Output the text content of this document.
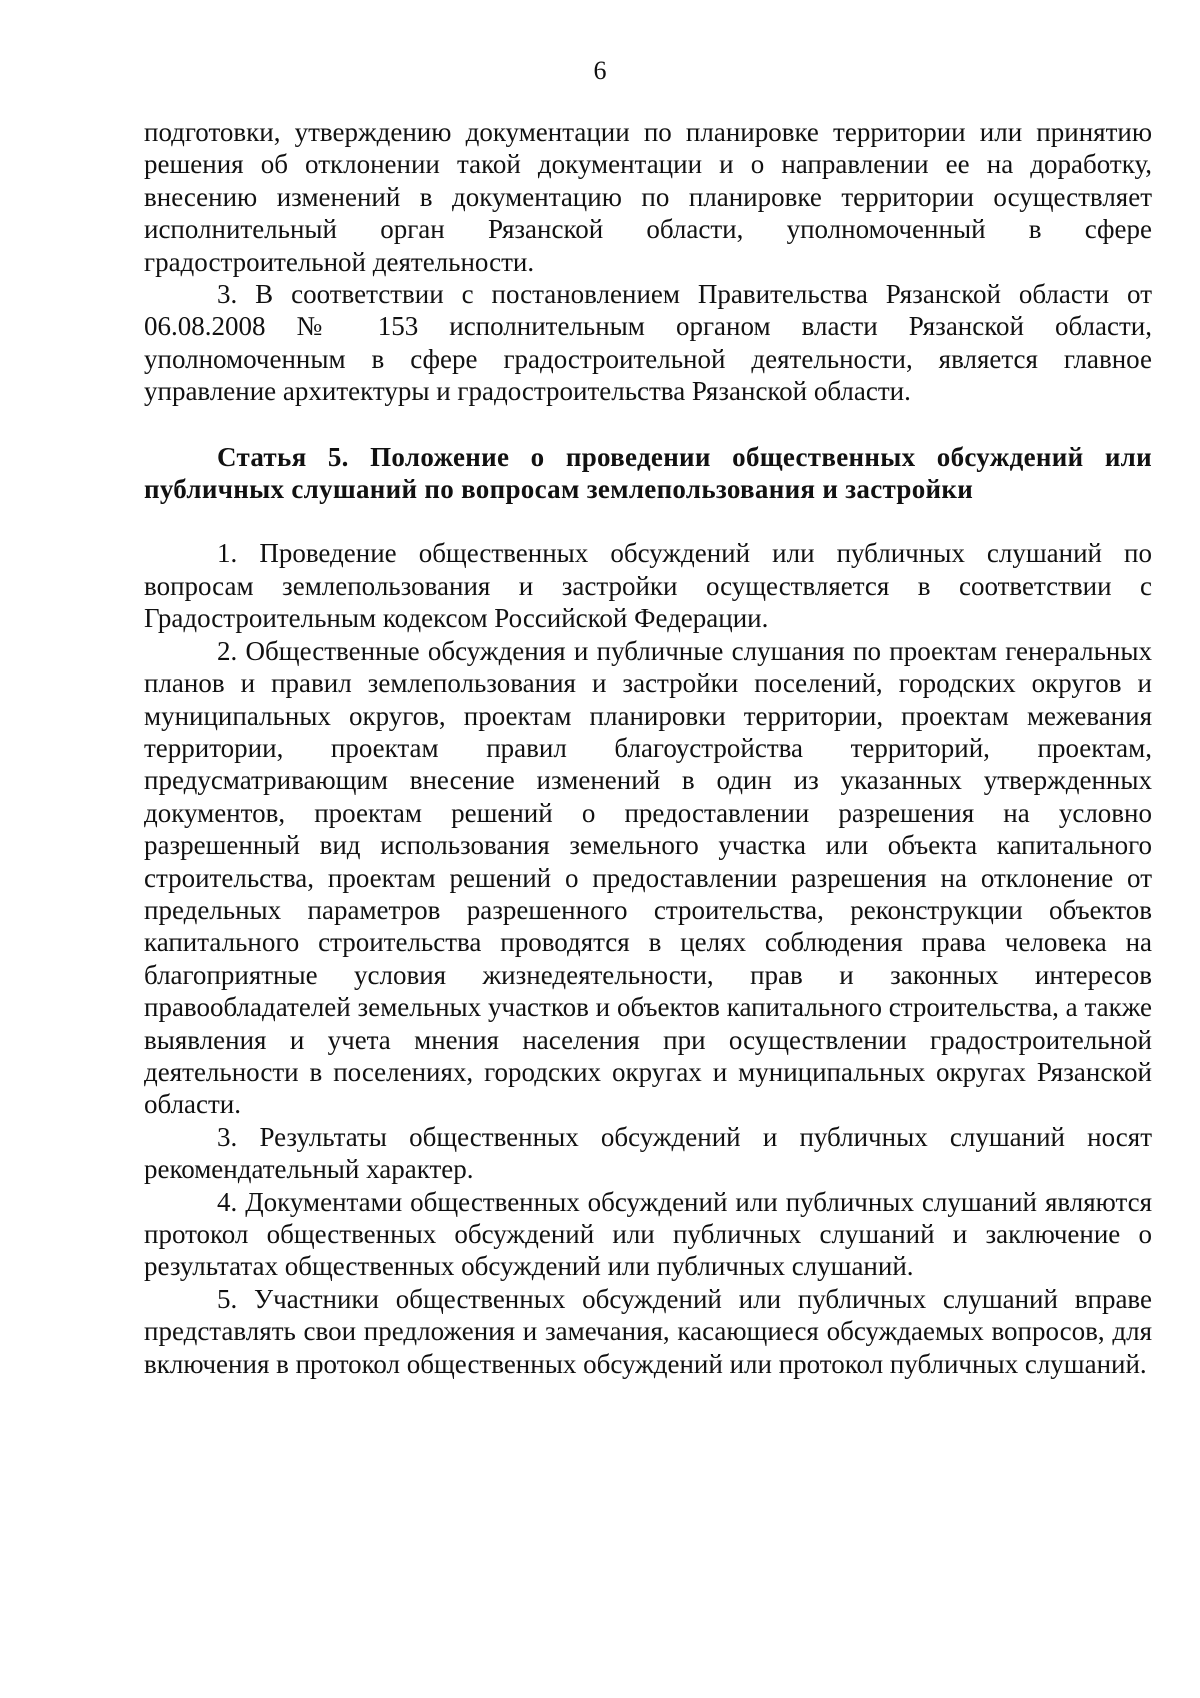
6

подготовки, утверждению документации по планировке территории или принятию решения об отклонении такой документации и о направлении ее на доработку, внесению изменений в документацию по планировке территории осуществляет исполнительный орган Рязанской области, уполномоченный в сфере градостроительной деятельности.

3. В соответствии с постановлением Правительства Рязанской области от 06.08.2008 № 153 исполнительным органом власти Рязанской области, уполномоченным в сфере градостроительной деятельности, является главное управление архитектуры и градостроительства Рязанской области.

Статья 5. Положение о проведении общественных обсуждений или публичных слушаний по вопросам землепользования и застройки

1. Проведение общественных обсуждений или публичных слушаний по вопросам землепользования и застройки осуществляется в соответствии с Градостроительным кодексом Российской Федерации.

2. Общественные обсуждения и публичные слушания по проектам генеральных планов и правил землепользования и застройки поселений, городских округов и муниципальных округов, проектам планировки территории, проектам межевания территории, проектам правил благоустройства территорий, проектам, предусматривающим внесение изменений в один из указанных утвержденных документов, проектам решений о предоставлении разрешения на условно разрешенный вид использования земельного участка или объекта капитального строительства, проектам решений о предоставлении разрешения на отклонение от предельных параметров разрешенного строительства, реконструкции объектов капитального строительства проводятся в целях соблюдения права человека на благоприятные условия жизнедеятельности, прав и законных интересов правообладателей земельных участков и объектов капитального строительства, а также выявления и учета мнения населения при осуществлении градостроительной деятельности в поселениях, городских округах и муниципальных округах Рязанской области.

3. Результаты общественных обсуждений и публичных слушаний носят рекомендательный характер.

4. Документами общественных обсуждений или публичных слушаний являются протокол общественных обсуждений или публичных слушаний и заключение о результатах общественных обсуждений или публичных слушаний.

5. Участники общественных обсуждений или публичных слушаний вправе представлять свои предложения и замечания, касающиеся обсуждаемых вопросов, для включения в протокол общественных обсуждений или протокол публичных слушаний.
